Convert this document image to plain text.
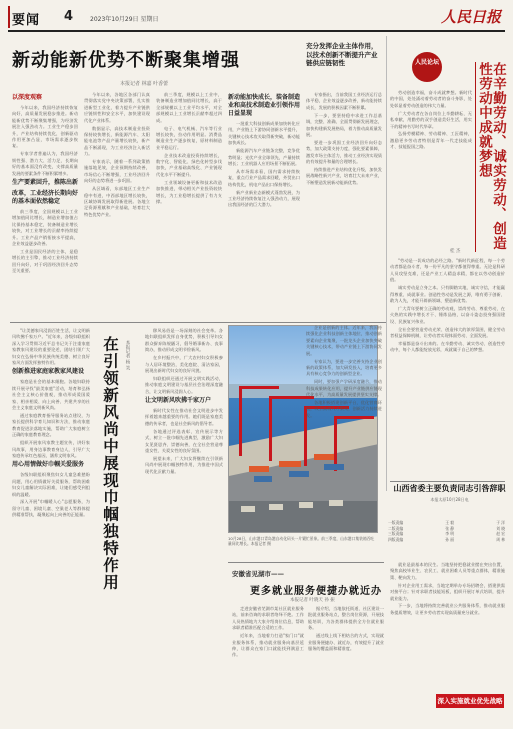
要闻 4	2023年10月29日 星期日	人民日报
新动能新优势不断聚集增强
本报记者 林嘉 叶香蕾
以深度观察

今年以来，我国经济持续恢复向好，高质量发展稳步推进。新动能新优势不断聚集增强，为经济发展注入强劲动力。工业生产稳步回升，产业结构持续优化，创新驱动作用更加凸显，市场需求逐步恢复。

专家学者普遍认为，我国经济韧性强、潜力大、活力足，长期向好的基本面没有改变，支撑高质量发展的要素条件不断积累增多。

生产要素回升，推陈出新
改革，工业经济长期向好的基本面依然稳定

前三季度，全国规模以上工业增加值同比增长，制造业增加值占比保持基本稳定，装备制造业增长较快，对工业增长的贡献率持续提升。工业产品产销衔接水平提高，企业效益逐步改善。

工业是国民经济的主体，是稳增长的主引擎，推动工业经济持续回升向好，对于巩固经济回升态势至关重要。

今年以来，各地区各部门认真贯彻落实党中央决策部署，扎实推进新型工业化，着力提升产业链供应链韧性和安全水平，加快建设现代化产业体系。

数据显示，高技术制造业投资保持较快增长，新能源汽车、太阳能电池等产品产量增长较快，新产品不断涌现，为工业经济注入新活力。

专家表示，随着一系列政策措施落地见效，企业预期持续改善，市场信心不断增强，工业经济回升向好的态势将进一步巩固。

从区域看，东部地区工业生产稳中有进，中西部地区增长较快，区域协调发展取得新进展。各地立足资源禀赋和产业基础，培育壮大特色优势产业。

前三季度，规模以上工业中，装备制造业增加值同比增长，高于全部规模以上工业平均水平，对全部规模以上工业增长贡献率超过四成。

电子、电气机械、汽车等行业增长较快，拉动作用明显。消费品制造业生产逐步恢复，原材料制造业平稳运行。

企业技术改造投资持续增长，数字化、智能化、绿色化转型步伐加快，产业基础高级化、产业链现代化水平不断提升。

工业领域设备更新和技术改造加快推进，带动相关产业投资较快增长，为工业稳增长提供了有力支撑。

新动能加快成长，装备制造业和高技术制造业引领作用日益显现

一批重大科技创新成果加快转化应用，产业链上下游协同创新水平提升，关键核心技术攻关取得新突破，新动能加快成长。

新能源汽车产业链条完整，竞争优势明显；光伏产业全球领先，产量持续增长；工业机器人应用场景不断拓展。

从市场需求看，国内需求持续恢复，重点行业产品需求回暖，外贸出口结构优化，机电产品出口保持增长。

新产业新业态新模式蓬勃发展，为工业经济持续恢复注入强劲动力，展现出我国经济的巨大潜力。

专家指出，当前我国工业经济运行总体平稳，企业效益逐步改善，新动能持续成长，发展的积极因素不断积累。

下一步，要坚持稳中求进工作总基调，完整、准确、全面贯彻新发展理念，加快构建新发展格局，着力推动高质量发展。

要进一步巩固工业经济回升向好态势，加大政策支持力度，强化要素保障，激发市场主体活力，推动工业经济实现质的有效提升和量的合理增长。

持续推进产业结构优化升级，加快发展战略性新兴产业，培育壮大未来产业，不断塑造发展新动能新优势。

充分发挥企业主体作用，以技术创新不断提升产业链供应链韧性	人民论坛

劳动创造幸福，奋斗成就梦想。新时代的中国，处处涌动着劳动者的奋斗身影，处处彰显着劳动创造的伟大力量。

广大劳动者在各自岗位上辛勤耕耘、无私奉献，用勤劳的双手创造美好生活，用实干的精神书写时代华章。

弘扬劳模精神、劳动精神、工匠精神，激励更多劳动者特别是青年一代走技能成才、技能报国之路。	在辛勤劳动、诚实劳动、创造性劳动中成就梦想
桂 杰

"劳动是一切成功的必经之路。"新时代新征程，每一个劳动者都是奋斗者，每一份平凡的坚守都值得尊重。无论是科研人员攻坚克难，还是产业工人精益求精，都在以劳动创造价值。

诚实劳动是立身之本。只有脚踏实地、诚实守信，才能赢得尊重、成就事业。创造性劳动是发展之源，唯有勇于创新、敢为人先，才能开辟新领域、塑造新优势。

广大青年要树立正确的劳动观，崇尚劳动、尊重劳动，在火热的实践中增长才干、锤炼品格，以奋斗姿态投身强国建设、民族复兴伟业。

全社会要营造劳动光荣、创造伟大的浓厚氛围，健全劳动者权益保障机制，让劳动者实现体面劳动、全面发展。

幸福都是奋斗出来的。在辛勤劳动、诚实劳动、创造性劳动中，每个人都能绽放光彩，成就属于自己的梦想。

山西省委主要负责同志引咎辞职
本报太原10月28日电
一版责编	王 毅	于 洋
二版责编	张 静	刘 晓
三版责编	李 明	赵 宏
四版责编	孙 丽	周 林

"让美德家风浸润百姓生活，让文明新风吹拂千家万户。"近年来，各级妇联组织深入学习贯彻习近平总书记关于注重家庭家教家风建设的重要论述，团结引领广大妇女在弘扬中华民族传统美德、树立良好家风方面发挥独特作用。

创新推进家庭家教家风建设

家庭是社会的基本细胞。各地妇联持续开展寻找"最美家庭"活动，培育和弘扬社会主义核心价值观，推动形成爱国爱家、相亲相爱、向上向善、共建共享的社会主义家庭文明新风尚。

通过家庭教育指导服务站点建设，为家长提供科学育儿知识和方法，推动家庭教育促进法落地实施，帮助广大家庭树立正确的家庭教育理念。

组织开展家风家教主题宣传，讲好家风故事，用身边事教育身边人，引导广大家庭传承红色基因，涵养文明家风。

用心用情做好巾帼关爱服务

各级妇联组织聚焦妇女儿童急难愁盼问题，用心用情做好关爱服务，帮助困难妇女儿童解决实际困难，让她们感受到组织的温暖。

深入开展"巾帼暖人心"志愿服务，为留守儿童、困境儿童、空巢老人等群体提供精准帮扶，凝聚起向上向善的正能量。 在引领新风尚中展现巾帼独特作用	本报记者 杨 笑

移风易俗是一场深刻的社会变革。各地妇联组织发挥自身优势，积极引导妇女群众摒弃陈规陋习，倡导婚事新办、丧事简办，推动形成文明节俭新风。

在乡村振兴中，广大农村妇女积极参与人居环境整治，美化庭院、清洁家园，展现出新时代妇女的良好风貌。

妇联组织还通过开展文明实践活动，推动家庭文明建设与基层社会治理深度融合，让文明新风浸润人心。

让文明新风吹拂千家万户

新时代女性在推动社会文明进步中发挥着越来越重要的作用。她们既是家庭美德的传承者，也是社会新风的倡导者。

各地通过评选表彰、宣传展示等方式，树立一批巾帼先进典型，激励广大妇女见贤思齐、崇德向善，在全社会营造尊重女性、关爱女性的良好氛围。

展望未来，广大妇女将继续在引领新风尚中展现巾帼独特作用，为推进中国式现代化贡献力量。

10月28日，山东港口青岛港自动化码头一片繁忙景象。前三季度，山东港口集装箱吞吐量同比增长。本报记者 摄

企业是创新的主体。近年来，我国持续强化企业科技创新主体地位，推动创新要素向企业集聚，一批龙头企业加快突破关键核心技术，带动产业链上下游协同发展。

专家认为，要进一步完善支持企业创新的政策体系，加大研发投入，培育更多具有核心竞争力的创新型企业。

同时，要加强产学研深度融合，推动科技成果转化应用，提升产业链供应链现代化水平，为高质量发展提供坚实支撑。

各地积极搭建创新平台，优化营商环境，吸引高端人才集聚，创新活力持续迸发。

安徽省见湖市——
更多就业服务便捷办就近办
本报记者 叶晓天 孙 振

走进安徽省芜湖市某社区就业服务站，前来咨询的求职者络绎不绝。工作人员热情地为大家介绍岗位信息，帮助求职者精准匹配合适的工作。

近年来，当地着力打造"家门口"就业服务体系，推动就业服务向基层延伸，让群众在家门口就能找到满意工作。

据介绍，当地依托街道、社区建设一批就业服务站点，整合岗位资源，开展技能培训，为各类群体提供全方位就业服务。

通过线上线下相结合的方式，实现就业服务便捷办、就近办，有效提升了就业服务的覆盖面和精准度。

就业是最基本的民生。当地坚持把稳就业摆在突出位置，聚焦高校毕业生、农民工、就业困难人员等重点群体，精准施策、靶向发力。

针对企业用工需求，当地定期举办专场招聘会，搭建供需对接平台；针对求职者技能短板，组织开展订单式培训，提升就业能力。

下一步，当地将持续完善就业公共服务体系，推动就业服务提质增效，让更多劳动者实现高质量充分就业。

深入实施就业优先战略
